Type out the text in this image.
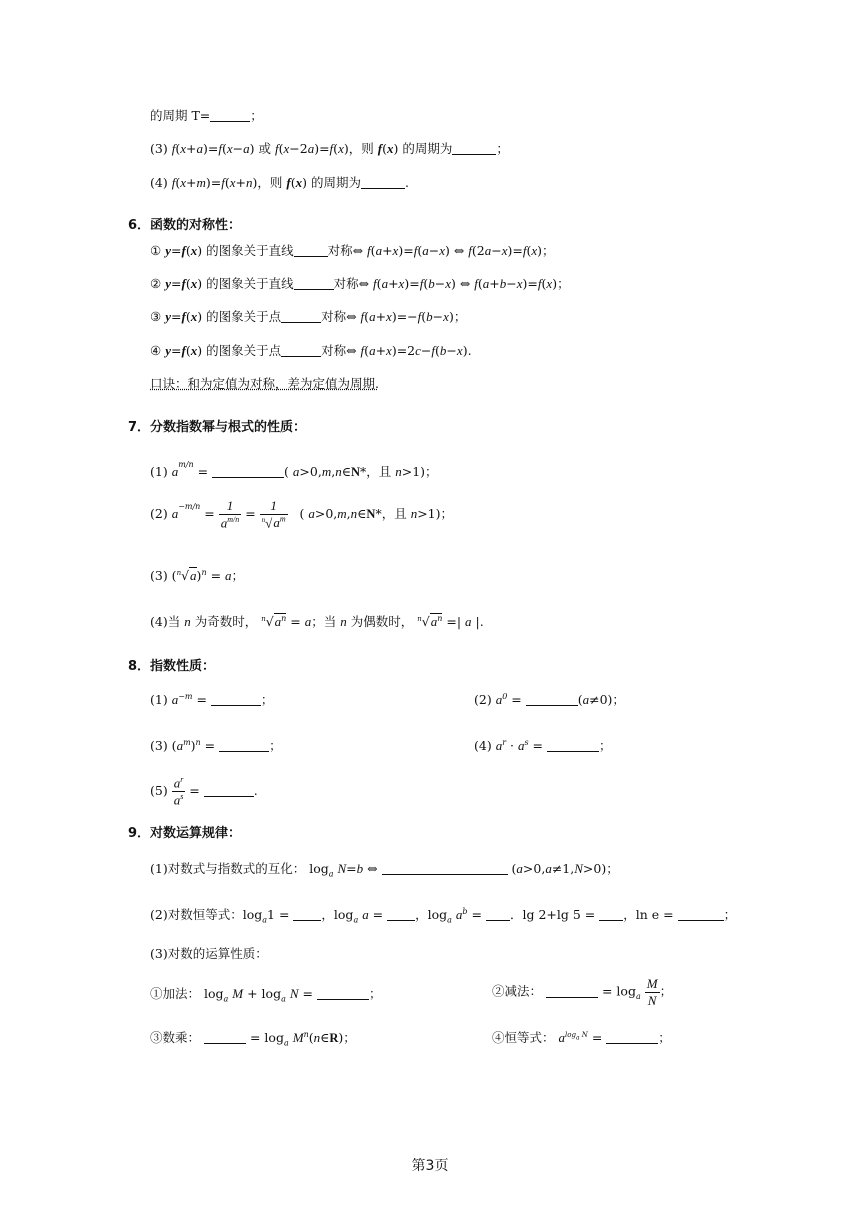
的周期 T=	；
(3) f(x+a)=f(x−a) 或 f(x−2a)=f(x)，则 f(x) 的周期为	；
(4) f(x+m)=f(x+n)，则 f(x) 的周期为	.
6．函数的对称性：
① y=f(x) 的图象关于直线	对称⇔ f(a+x)=f(a−x) ⇔ f(2a−x)=f(x)；
② y=f(x) 的图象关于直线	对称⇔ f(a+x)=f(b−x) ⇔ f(a+b−x)=f(x)；
③ y=f(x) 的图象关于点	对称⇔ f(a+x)=−f(b−x)；
④ y=f(x) 的图象关于点	对称⇔ f(a+x)=2c−f(b−x).
口诀：和为定值为对称，差为定值为周期.
7．分数指数幂与根式的性质：
(1) $a^{m/n}$ =	( a>0,m,n∈N*，且 n>1)；
(2) $a^{-m/n} = \frac{1}{a^{m/n}} = \frac{1}{^n√a^m}$ ( a>0,m,n∈N*，且 n>1)；
(3) $(^n√a)^n = a$；
(4)当 n 为奇数时， $^n√a^n = a$；当 n 为偶数时， $^n√a^n$ =| a |.
8．指数性质：
(1) $a^{-m}$ =	；	(2) $a^0$ =	(a≠0)；
(3) $(a^m)^n$ =	；	(4) $a^r \cdot a^s$ =	；
$(5) \frac{a^r}{a^s}$ =	.
9．对数运算规律：
(1)对数式与指数式的互化： $\log_a N=b$ ⇔	(a>0,a≠1,N>0)；
(2)对数恒等式：$\log_a1$ = ，$\log_a a$ = ，$\log_a a^b$ = ．lg 2+lg 5 = ，ln e =	；
(3)对数的运算性质：
①加法： $\log_a M + \log_a N$ =	；	②减法：	= $\log_a \frac{M}{N}$ ；
③数乘：	= $\log_a$ $M^n(n\in R)$；	④恒等式： $a^{log_a N}$ =	；
第3页
